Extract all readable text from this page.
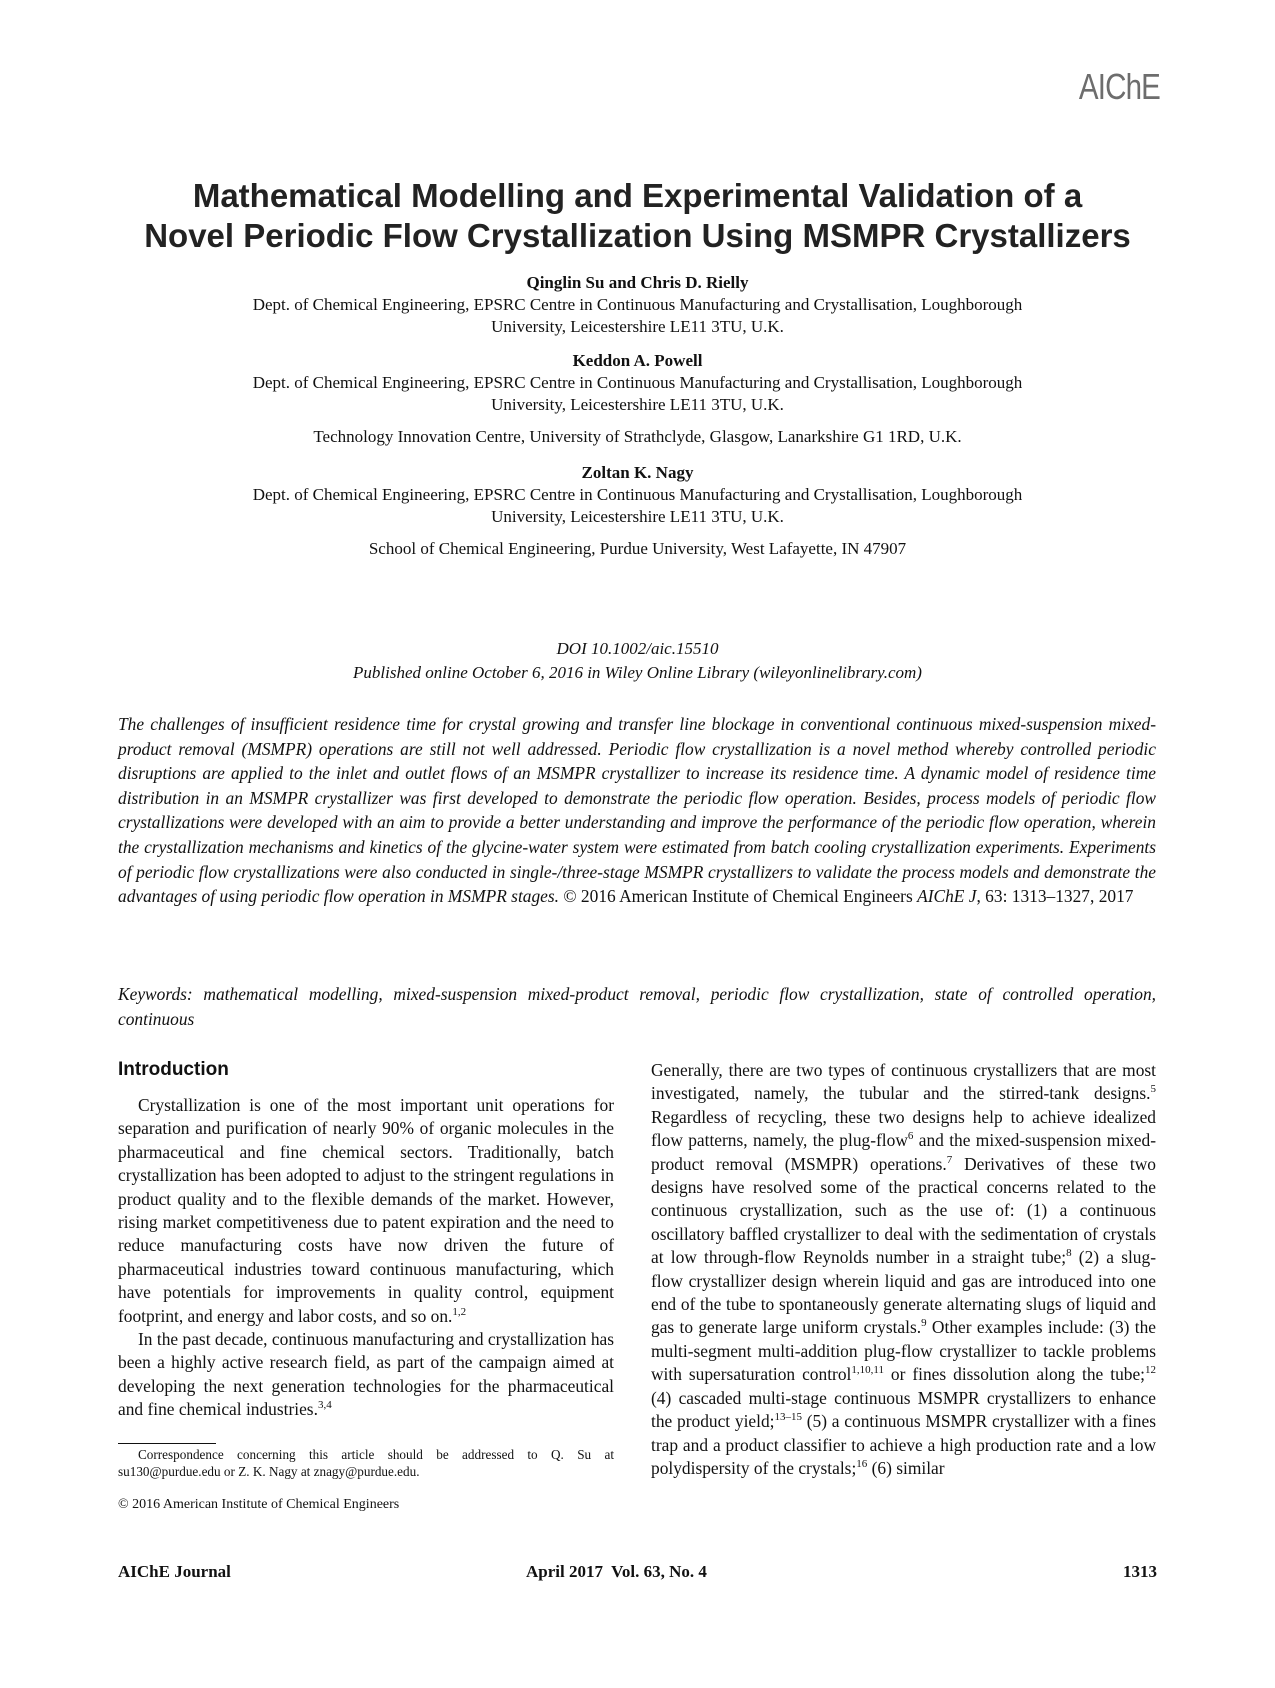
AIChE
Mathematical Modelling and Experimental Validation of a
Novel Periodic Flow Crystallization Using MSMPR Crystallizers
Qinglin Su and Chris D. Rielly
Dept. of Chemical Engineering, EPSRC Centre in Continuous Manufacturing and Crystallisation, Loughborough
University, Leicestershire LE11 3TU, U.K.
Keddon A. Powell
Dept. of Chemical Engineering, EPSRC Centre in Continuous Manufacturing and Crystallisation, Loughborough
University, Leicestershire LE11 3TU, U.K.
Technology Innovation Centre, University of Strathclyde, Glasgow, Lanarkshire G1 1RD, U.K.
Zoltan K. Nagy
Dept. of Chemical Engineering, EPSRC Centre in Continuous Manufacturing and Crystallisation, Loughborough
University, Leicestershire LE11 3TU, U.K.
School of Chemical Engineering, Purdue University, West Lafayette, IN 47907
DOI 10.1002/aic.15510
Published online October 6, 2016 in Wiley Online Library (wileyonlinelibrary.com)
The challenges of insufficient residence time for crystal growing and transfer line blockage in conventional continuous mixed-suspension mixed-product removal (MSMPR) operations are still not well addressed. Periodic flow crystallization is a novel method whereby controlled periodic disruptions are applied to the inlet and outlet flows of an MSMPR crystallizer to increase its residence time. A dynamic model of residence time distribution in an MSMPR crystallizer was first developed to demonstrate the periodic flow operation. Besides, process models of periodic flow crystallizations were developed with an aim to provide a better understanding and improve the performance of the periodic flow operation, wherein the crystallization mechanisms and kinetics of the glycine-water system were estimated from batch cooling crystallization experiments. Experiments of periodic flow crystallizations were also conducted in single-/three-stage MSMPR crystallizers to validate the process models and demonstrate the advantages of using periodic flow operation in MSMPR stages. © 2016 American Institute of Chemical Engineers AIChE J, 63: 1313–1327, 2017
Keywords: mathematical modelling, mixed-suspension mixed-product removal, periodic flow crystallization, state of controlled operation, continuous
Introduction

Crystallization is one of the most important unit operations for separation and purification of nearly 90% of organic molecules in the pharmaceutical and fine chemical sectors. Traditionally, batch crystallization has been adopted to adjust to the stringent regulations in product quality and to the flexible demands of the market. However, rising market competitiveness due to patent expiration and the need to reduce manufacturing costs have now driven the future of pharmaceutical industries toward continuous manufacturing, which have potentials for improvements in quality control, equipment footprint, and energy and labor costs, and so on.$^{1,2}$

In the past decade, continuous manufacturing and crystallization has been a highly active research field, as part of the campaign aimed at developing the next generation technologies for the pharmaceutical and fine chemical industries.$^{3,4}$

Generally, there are two types of continuous crystallizers that are most investigated, namely, the tubular and the stirred-tank designs.$^5$ Regardless of recycling, these two designs help to achieve idealized flow patterns, namely, the plug-flow$^6$ and the mixed-suspension mixed-product removal (MSMPR) operations.$^7$ Derivatives of these two designs have resolved some of the practical concerns related to the continuous crystallization, such as the use of: (1) a continuous oscillatory baffled crystallizer to deal with the sedimentation of crystals at low through-flow Reynolds number in a straight tube;$^8$ (2) a slug-flow crystallizer design wherein liquid and gas are introduced into one end of the tube to spontaneously generate alternating slugs of liquid and gas to generate large uniform crystals.$^9$ Other examples include: (3) the multi-segment multi-addition plug-flow crystallizer to tackle problems with supersaturation control$^{1,10,11}$ or fines dissolution along the tube;$^{12}$ (4) cascaded multi-stage continuous MSMPR crystallizers to enhance the product yield;$^{13-15}$ (5) a continuous MSMPR crystallizer with a fines trap and a product classifier to achieve a high production rate and a low polydispersity of the crystals;$^{16}$ (6) similar

Correspondence concerning this article should be addressed to Q. Su at su130@purdue.edu or Z. K. Nagy at znagy@purdue.edu.
© 2016 American Institute of Chemical Engineers
AIChE Journal	April 2017  Vol. 63, No. 4	1313
